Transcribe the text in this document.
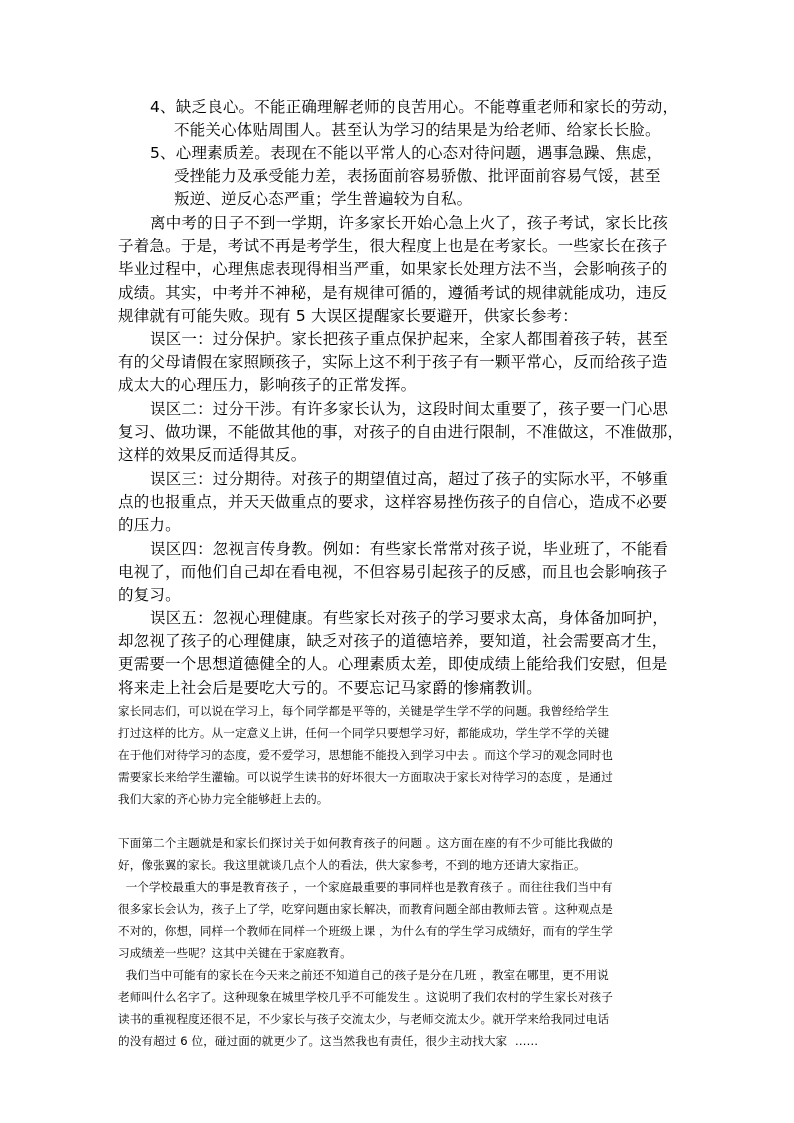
4、缺乏良心。不能正确理解老师的良苦用心。不能尊重老师和家长的劳动，
不能关心体贴周围人。甚至认为学习的结果是为给老师、给家长长脸。
5、心理素质差。表现在不能以平常人的心态对待问题，遇事急躁、焦虑，
受挫能力及承受能力差，表扬面前容易骄傲、批评面前容易气馁，甚至
叛逆、逆反心态严重；学生普遍较为自私。
离中考的日子不到一学期，许多家长开始心急上火了，孩子考试，家长比孩
子着急。于是，考试不再是考学生，很大程度上也是在考家长。一些家长在孩子
毕业过程中，心理焦虑表现得相当严重，如果家长处理方法不当，会影响孩子的
成绩。其实，中考并不神秘，是有规律可循的，遵循考试的规律就能成功，违反
规律就有可能失败。现有 5 大误区提醒家长要避开，供家长参考：
误区一：过分保护。家长把孩子重点保护起来，全家人都围着孩子转，甚至
有的父母请假在家照顾孩子，实际上这不利于孩子有一颗平常心，反而给孩子造
成太大的心理压力，影响孩子的正常发挥。
误区二：过分干涉。有许多家长认为，这段时间太重要了，孩子要一门心思
复习、做功课，不能做其他的事，对孩子的自由进行限制，不准做这，不准做那，
这样的效果反而适得其反。
误区三：过分期待。对孩子的期望值过高，超过了孩子的实际水平，不够重
点的也报重点，并天天做重点的要求，这样容易挫伤孩子的自信心，造成不必要
的压力。
误区四：忽视言传身教。例如：有些家长常常对孩子说，毕业班了，不能看
电视了，而他们自己却在看电视，不但容易引起孩子的反感，而且也会影响孩子
的复习。
误区五：忽视心理健康。有些家长对孩子的学习要求太高，身体备加呵护，
却忽视了孩子的心理健康，缺乏对孩子的道德培养，要知道，社会需要高才生，
更需要一个思想道德健全的人。心理素质太差，即使成绩上能给我们安慰，但是
将来走上社会后是要吃大亏的。不要忘记马家爵的惨痛教训。
家长同志们，可以说在学习上，每个同学都是平等的，关键是学生学不学的问题。我曾经给学生
打过这样的比方。从一定意义上讲，任何一个同学只要想学习好，都能成功，学生学不学的关键
在于他们对待学习的态度，爱不爱学习，思想能不能投入到学习中去 。而这个学习的观念同时也
需要家长来给学生灌输。可以说学生读书的好坏很大一方面取决于家长对待学习的态度 ，是通过
我们大家的齐心协力完全能够赶上去的。
下面第二个主题就是和家长们探讨关于如何教育孩子的问题 。这方面在座的有不少可能比我做的
好，像张翼的家长。我这里就谈几点个人的看法，供大家参考，不到的地方还请大家指正。
一个学校最重大的事是教育孩子 ，一个家庭最重要的事同样也是教育孩子 。而往往我们当中有
很多家长会认为，孩子上了学，吃穿问题由家长解决，而教育问题全部由教师去管 。这种观点是
不对的，你想，同样一个教师在同样一个班级上课 ，为什么有的学生学习成绩好，而有的学生学
习成绩差一些呢？这其中关键在于家庭教育。
我们当中可能有的家长在今天来之前还不知道自己的孩子是分在几班 ，教室在哪里，更不用说
老师叫什么名字了。这种现象在城里学校几乎不可能发生 。这说明了我们农村的学生家长对孩子
读书的重视程度还很不足，不少家长与孩子交流太少，与老师交流太少。就开学来给我同过电话
的没有超过 6 位，碰过面的就更少了。这当然我也有责任，很少主动找大家  ……
